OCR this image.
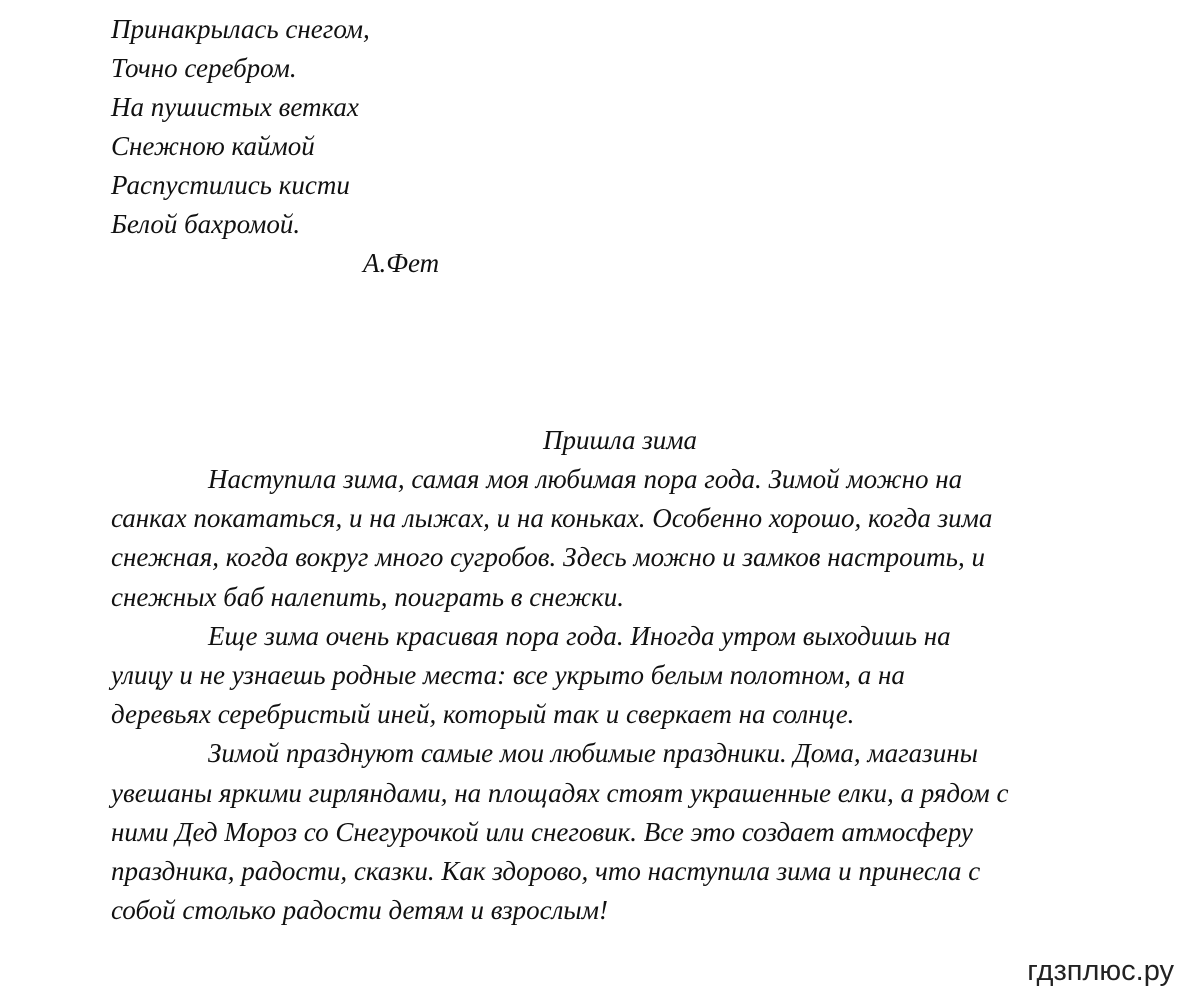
Принакрылась снегом,
Точно серебром.
На пушистых ветках
Снежною каймой
Распустились кисти
Белой бахромой.
А.Фет
Пришла зима
Наступила зима, самая моя любимая пора года. Зимой можно на
санках покататься, и на лыжах, и на коньках. Особенно хорошо, когда зима
снежная, когда вокруг много сугробов. Здесь можно и замков настроить, и
снежных баб налепить, поиграть в снежки.
Еще зима очень красивая пора года. Иногда утром выходишь на
улицу и не узнаешь родные места: все укрыто белым полотном, а на
деревьях серебристый иней, который так и сверкает на солнце.
Зимой празднуют самые мои любимые праздники. Дома, магазины
увешаны яркими гирляндами, на площадях стоят украшенные елки, а рядом с
ними Дед Мороз со Снегурочкой или снеговик. Все это создает атмосферу
праздника, радости, сказки. Как здорово, что наступила зима и принесла с
собой столько радости детям и взрослым!
гдзплюс.ру
